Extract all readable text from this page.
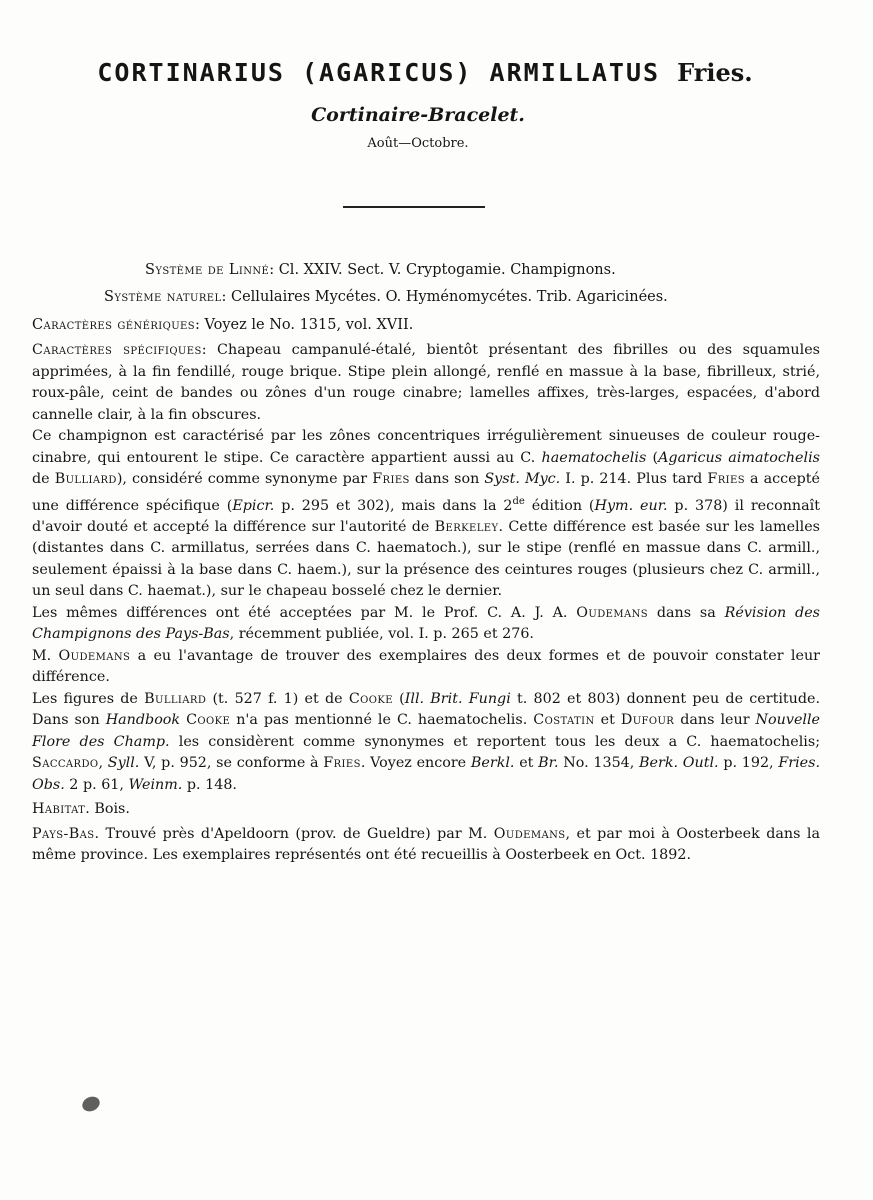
CORTINARIUS (AGARICUS) ARMILLATUS Fries.
Cortinaire-Bracelet.
Août—Octobre.
Système de Linné: Cl. XXIV. Sect. V. Cryptogamie. Champignons.
Système naturel: Cellulaires Mycétes. O. Hyménomycétes. Trib. Agaricinées.
Caractères génériques: Voyez le No. 1315, vol. XVII.

Caractères spécifiques: Chapeau campanulé-étalé, bientôt présentant des fibrilles ou des squamules apprimées, à la fin fendillé, rouge brique. Stipe plein allongé, renflé en massue à la base, fibrilleux, strié, roux-pâle, ceint de bandes ou zônes d'un rouge cinabre; lamelles affixes, très-larges, espacées, d'abord cannelle clair, à la fin obscures.

Ce champignon est caractérisé par les zônes concentriques irrégulièrement sinueuses de couleur rouge-cinabre, qui entourent le stipe. Ce caractère appartient aussi au C. haematochelis (Agaricus aimatochelis de Bulliard), considéré comme synonyme par Fries dans son Syst. Myc. I. p. 214. Plus tard Fries a accepté une différence spécifique (Epicr. p. 295 et 302), mais dans la 2de édition (Hym. eur. p. 378) il reconnaît d'avoir douté et accepté la différence sur l'autorité de Berkeley. Cette différence est basée sur les lamelles (distantes dans C. armillatus, serrées dans C. haematoch.), sur le stipe (renflé en massue dans C. armill., seulement épaissi à la base dans C. haem.), sur la présence des ceintures rouges (plusieurs chez C. armill., un seul dans C. haemat.), sur le chapeau bosselé chez le dernier.

Les mêmes différences ont été acceptées par M. le Prof. C. A. J. A. Oudemans dans sa Révision des Champignons des Pays-Bas, récemment publiée, vol. I. p. 265 et 276.

M. Oudemans a eu l'avantage de trouver des exemplaires des deux formes et de pouvoir constater leur différence.

Les figures de Bulliard (t. 527 f. 1) et de Cooke (Ill. Brit. Fungi t. 802 et 803) donnent peu de certitude. Dans son Handbook Cooke n'a pas mentionné le C. haematochelis. Costatin et Dufour dans leur Nouvelle Flore des Champ. les considèrent comme synonymes et reportent tous les deux a C. haematochelis; Saccardo, Syll. V, p. 952, se conforme à Fries. Voyez encore Berkl. et Br. No. 1354, Berk. Outl. p. 192, Fries. Obs. 2 p. 61, Weinm. p. 148.

Habitat. Bois.

Pays-Bas. Trouvé près d'Apeldoorn (prov. de Gueldre) par M. Oudemans, et par moi à Oosterbeek dans la même province. Les exemplaires représentés ont été recueillis à Oosterbeek en Oct. 1892.
